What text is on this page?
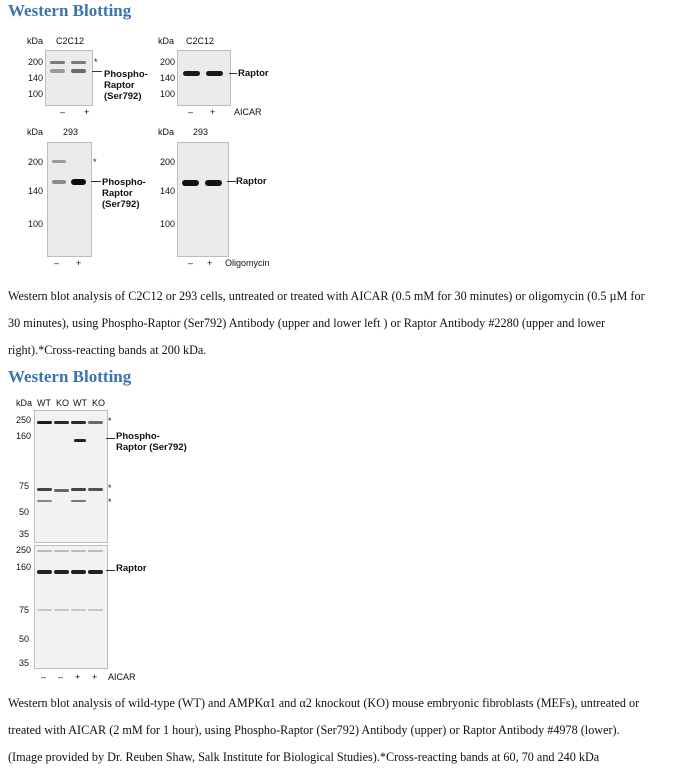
Western Blotting
kDa C2C12
200
140
100
*
Phospho-
Raptor
(Ser792)
– +
kDa C2C12
200
140
100
Raptor
– + AICAR
kDa 293
200
140
100
*
Phospho-
Raptor
(Ser792)
– +
kDa 293
200
140
100
Raptor
– + Oligomycin
Western blot analysis of C2C12 or 293 cells, untreated or treated with AICAR (0.5 mM for 30 minutes) or oligomycin (0.5 µM for
30 minutes), using Phospho-Raptor (Ser792) Antibody (upper and lower left ) or Raptor Antibody #2280 (upper and lower
right).*Cross-reacting bands at 200 kDa.
Western Blotting
kDa WT KO WT KO
250
160
75
50
35
*
*
*
Phospho-
Raptor (Ser792)
250
160
75
50
35
Raptor
– – + + AICAR
Western blot analysis of wild-type (WT) and AMPKα1 and α2 knockout (KO) mouse embryonic fibroblasts (MEFs), untreated or
treated with AICAR (2 mM for 1 hour), using Phospho-Raptor (Ser792) Antibody (upper) or Raptor Antibody #4978 (lower).
(Image provided by Dr. Reuben Shaw, Salk Institute for Biological Studies).*Cross-reacting bands at 60, 70 and 240 kDa
